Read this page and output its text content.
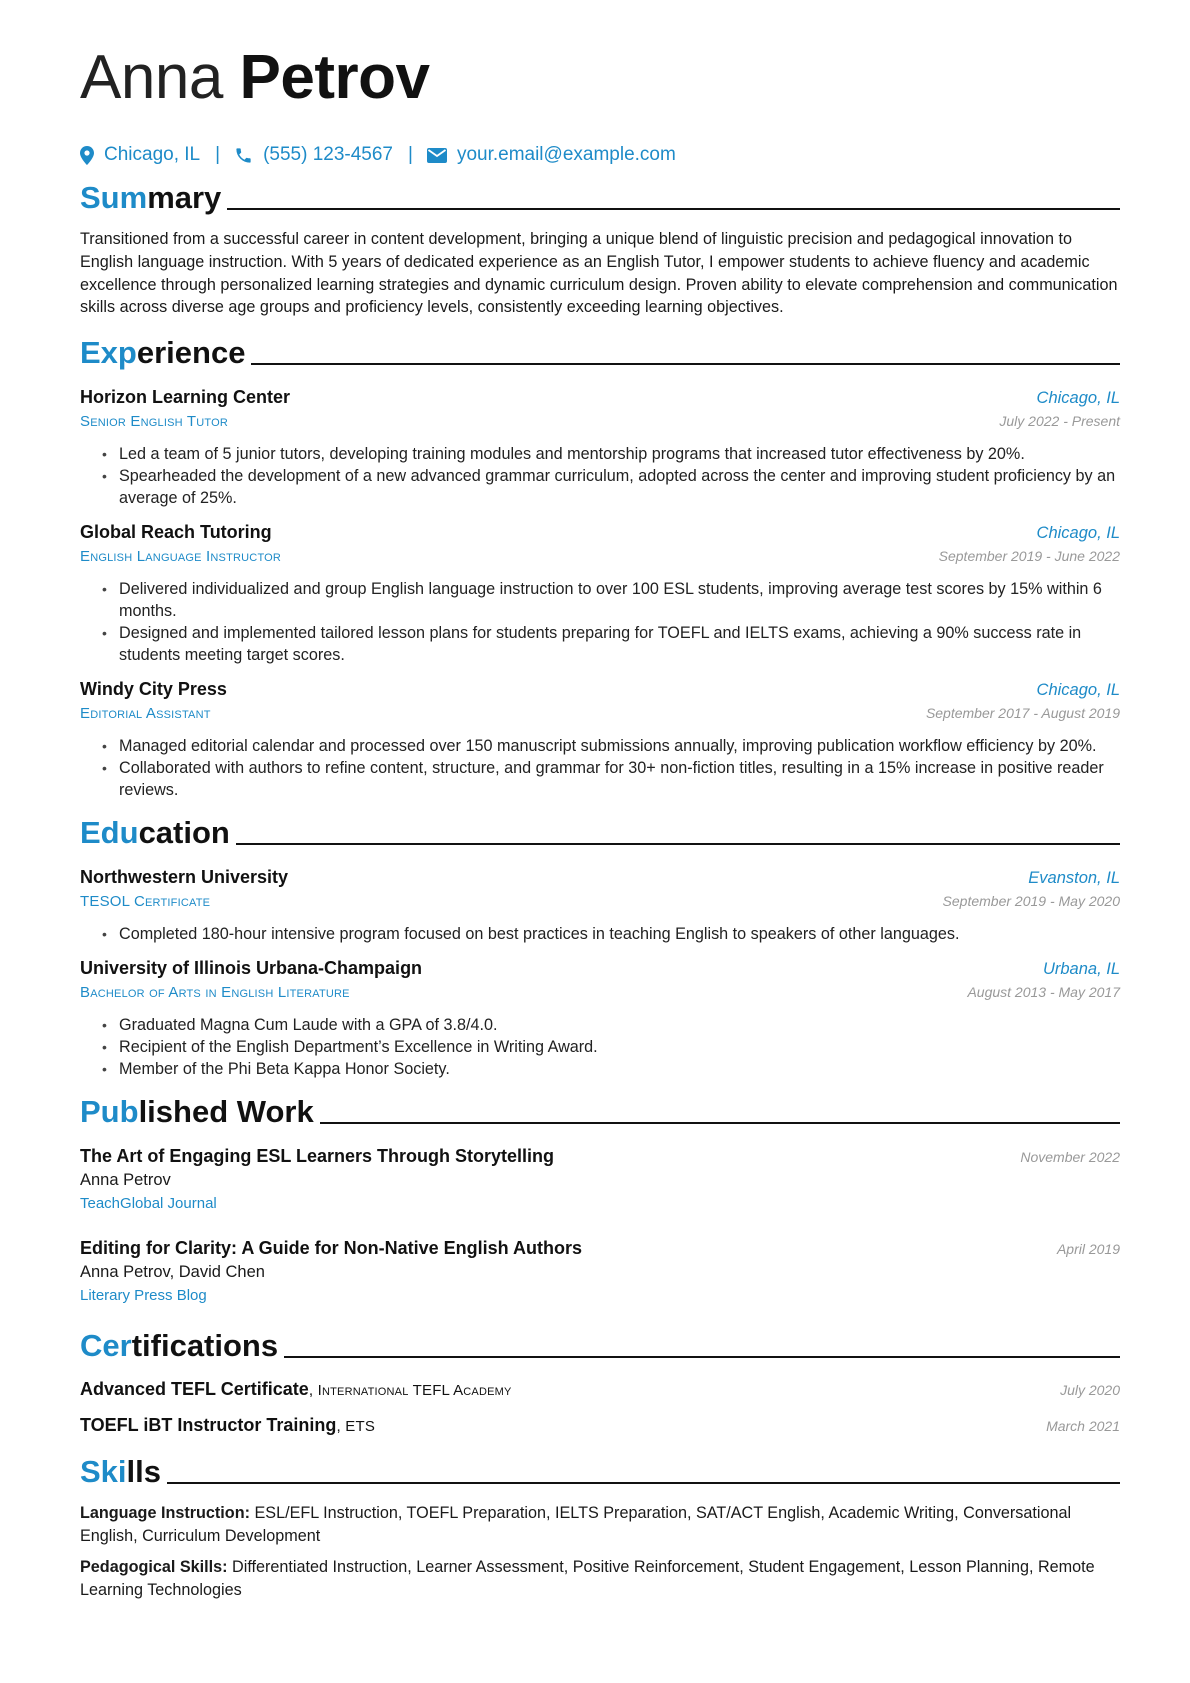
Anna Petrov
Chicago, IL | (555) 123-4567 | your.email@example.com
Summary
Transitioned from a successful career in content development, bringing a unique blend of linguistic precision and pedagogical innovation to English language instruction. With 5 years of dedicated experience as an English Tutor, I empower students to achieve fluency and academic excellence through personalized learning strategies and dynamic curriculum design. Proven ability to elevate comprehension and communication skills across diverse age groups and proficiency levels, consistently exceeding learning objectives.
Experience
Horizon Learning Center	Chicago, IL
Senior English Tutor	July 2022 - Present
• Led a team of 5 junior tutors, developing training modules and mentorship programs that increased tutor effectiveness by 20%.
• Spearheaded the development of a new advanced grammar curriculum, adopted across the center and improving student proficiency by an average of 25%.
Global Reach Tutoring	Chicago, IL
English Language Instructor	September 2019 - June 2022
• Delivered individualized and group English language instruction to over 100 ESL students, improving average test scores by 15% within 6 months.
• Designed and implemented tailored lesson plans for students preparing for TOEFL and IELTS exams, achieving a 90% success rate in students meeting target scores.
Windy City Press	Chicago, IL
Editorial Assistant	September 2017 - August 2019
• Managed editorial calendar and processed over 150 manuscript submissions annually, improving publication workflow efficiency by 20%.
• Collaborated with authors to refine content, structure, and grammar for 30+ non-fiction titles, resulting in a 15% increase in positive reader reviews.
Education
Northwestern University	Evanston, IL
TESOL Certificate	September 2019 - May 2020
• Completed 180-hour intensive program focused on best practices in teaching English to speakers of other languages.
University of Illinois Urbana-Champaign	Urbana, IL
Bachelor of Arts in English Literature	August 2013 - May 2017
• Graduated Magna Cum Laude with a GPA of 3.8/4.0.
• Recipient of the English Department’s Excellence in Writing Award.
• Member of the Phi Beta Kappa Honor Society.
Published Work
The Art of Engaging ESL Learners Through Storytelling	November 2022
Anna Petrov
TeachGlobal Journal
Editing for Clarity: A Guide for Non-Native English Authors	April 2019
Anna Petrov, David Chen
Literary Press Blog
Certifications
Advanced TEFL Certificate, International TEFL Academy	July 2020
TOEFL iBT Instructor Training, ETS	March 2021
Skills
Language Instruction: ESL/EFL Instruction, TOEFL Preparation, IELTS Preparation, SAT/ACT English, Academic Writing, Conversational English, Curriculum Development
Pedagogical Skills: Differentiated Instruction, Learner Assessment, Positive Reinforcement, Student Engagement, Lesson Planning, Remote Learning Technologies
